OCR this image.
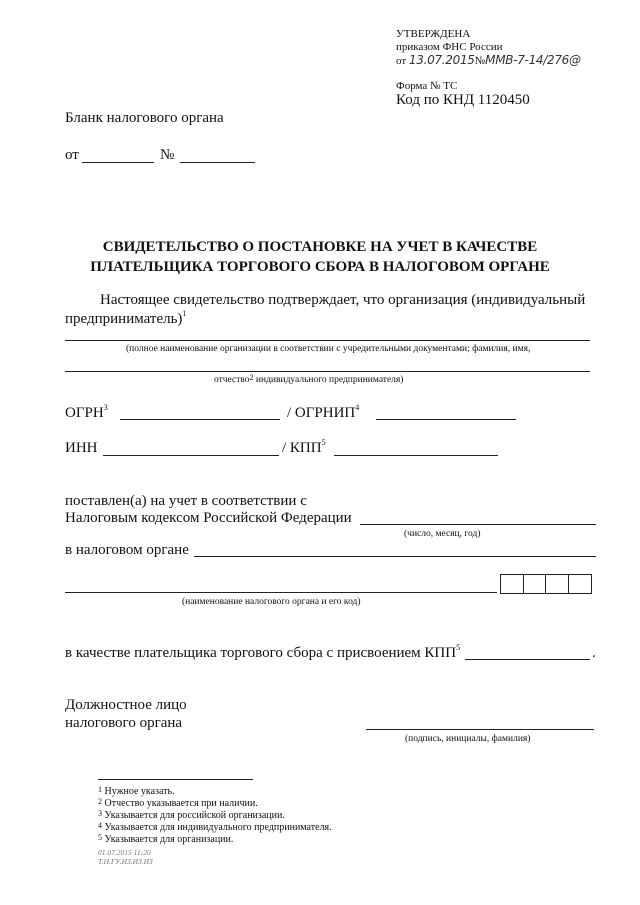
УТВЕРЖДЕНА
приказом ФНС России
от 13.07.2015№ММВ-7-14/276@
Форма № ТС
Код по КНД 1120450
Бланк налогового органа
от	№
СВИДЕТЕЛЬСТВО О ПОСТАНОВКЕ НА УЧЕТ В КАЧЕСТВЕ
ПЛАТЕЛЬЩИКА ТОРГОВОГО СБОРА В НАЛОГОВОМ ОРГАНЕ
Настоящее свидетельство подтверждает, что организация (индивидуальный
предприниматель)$^1$
(полное наименование организации в соответствии с учредительными документами; фамилия, имя,
отчество$^2$ индивидуального предпринимателя)
ОГРН$^3$	/ ОГРНИП$^4$
ИНН	/ КПП$^5$
поставлен(а) на учет в соответствии с
Налоговым кодексом Российской Федерации
(число, месяц, год)
в налоговом органе
(наименование налогового органа и его код)
в качестве плательщика торгового сбора с присвоением КПП$^5$	.
Должностное лицо
налогового органа
(подпись, инициалы, фамилия)
$^1$ Нужное указать.
$^2$ Отчество указывается при наличии.
$^3$ Указывается для российской организации.
$^4$ Указывается для индивидуального предпринимателя.
$^5$ Указывается для организации.
01.07.2015 11:20
Т.Н.ГУ.ИЗ.ИЗ.ИЗ
